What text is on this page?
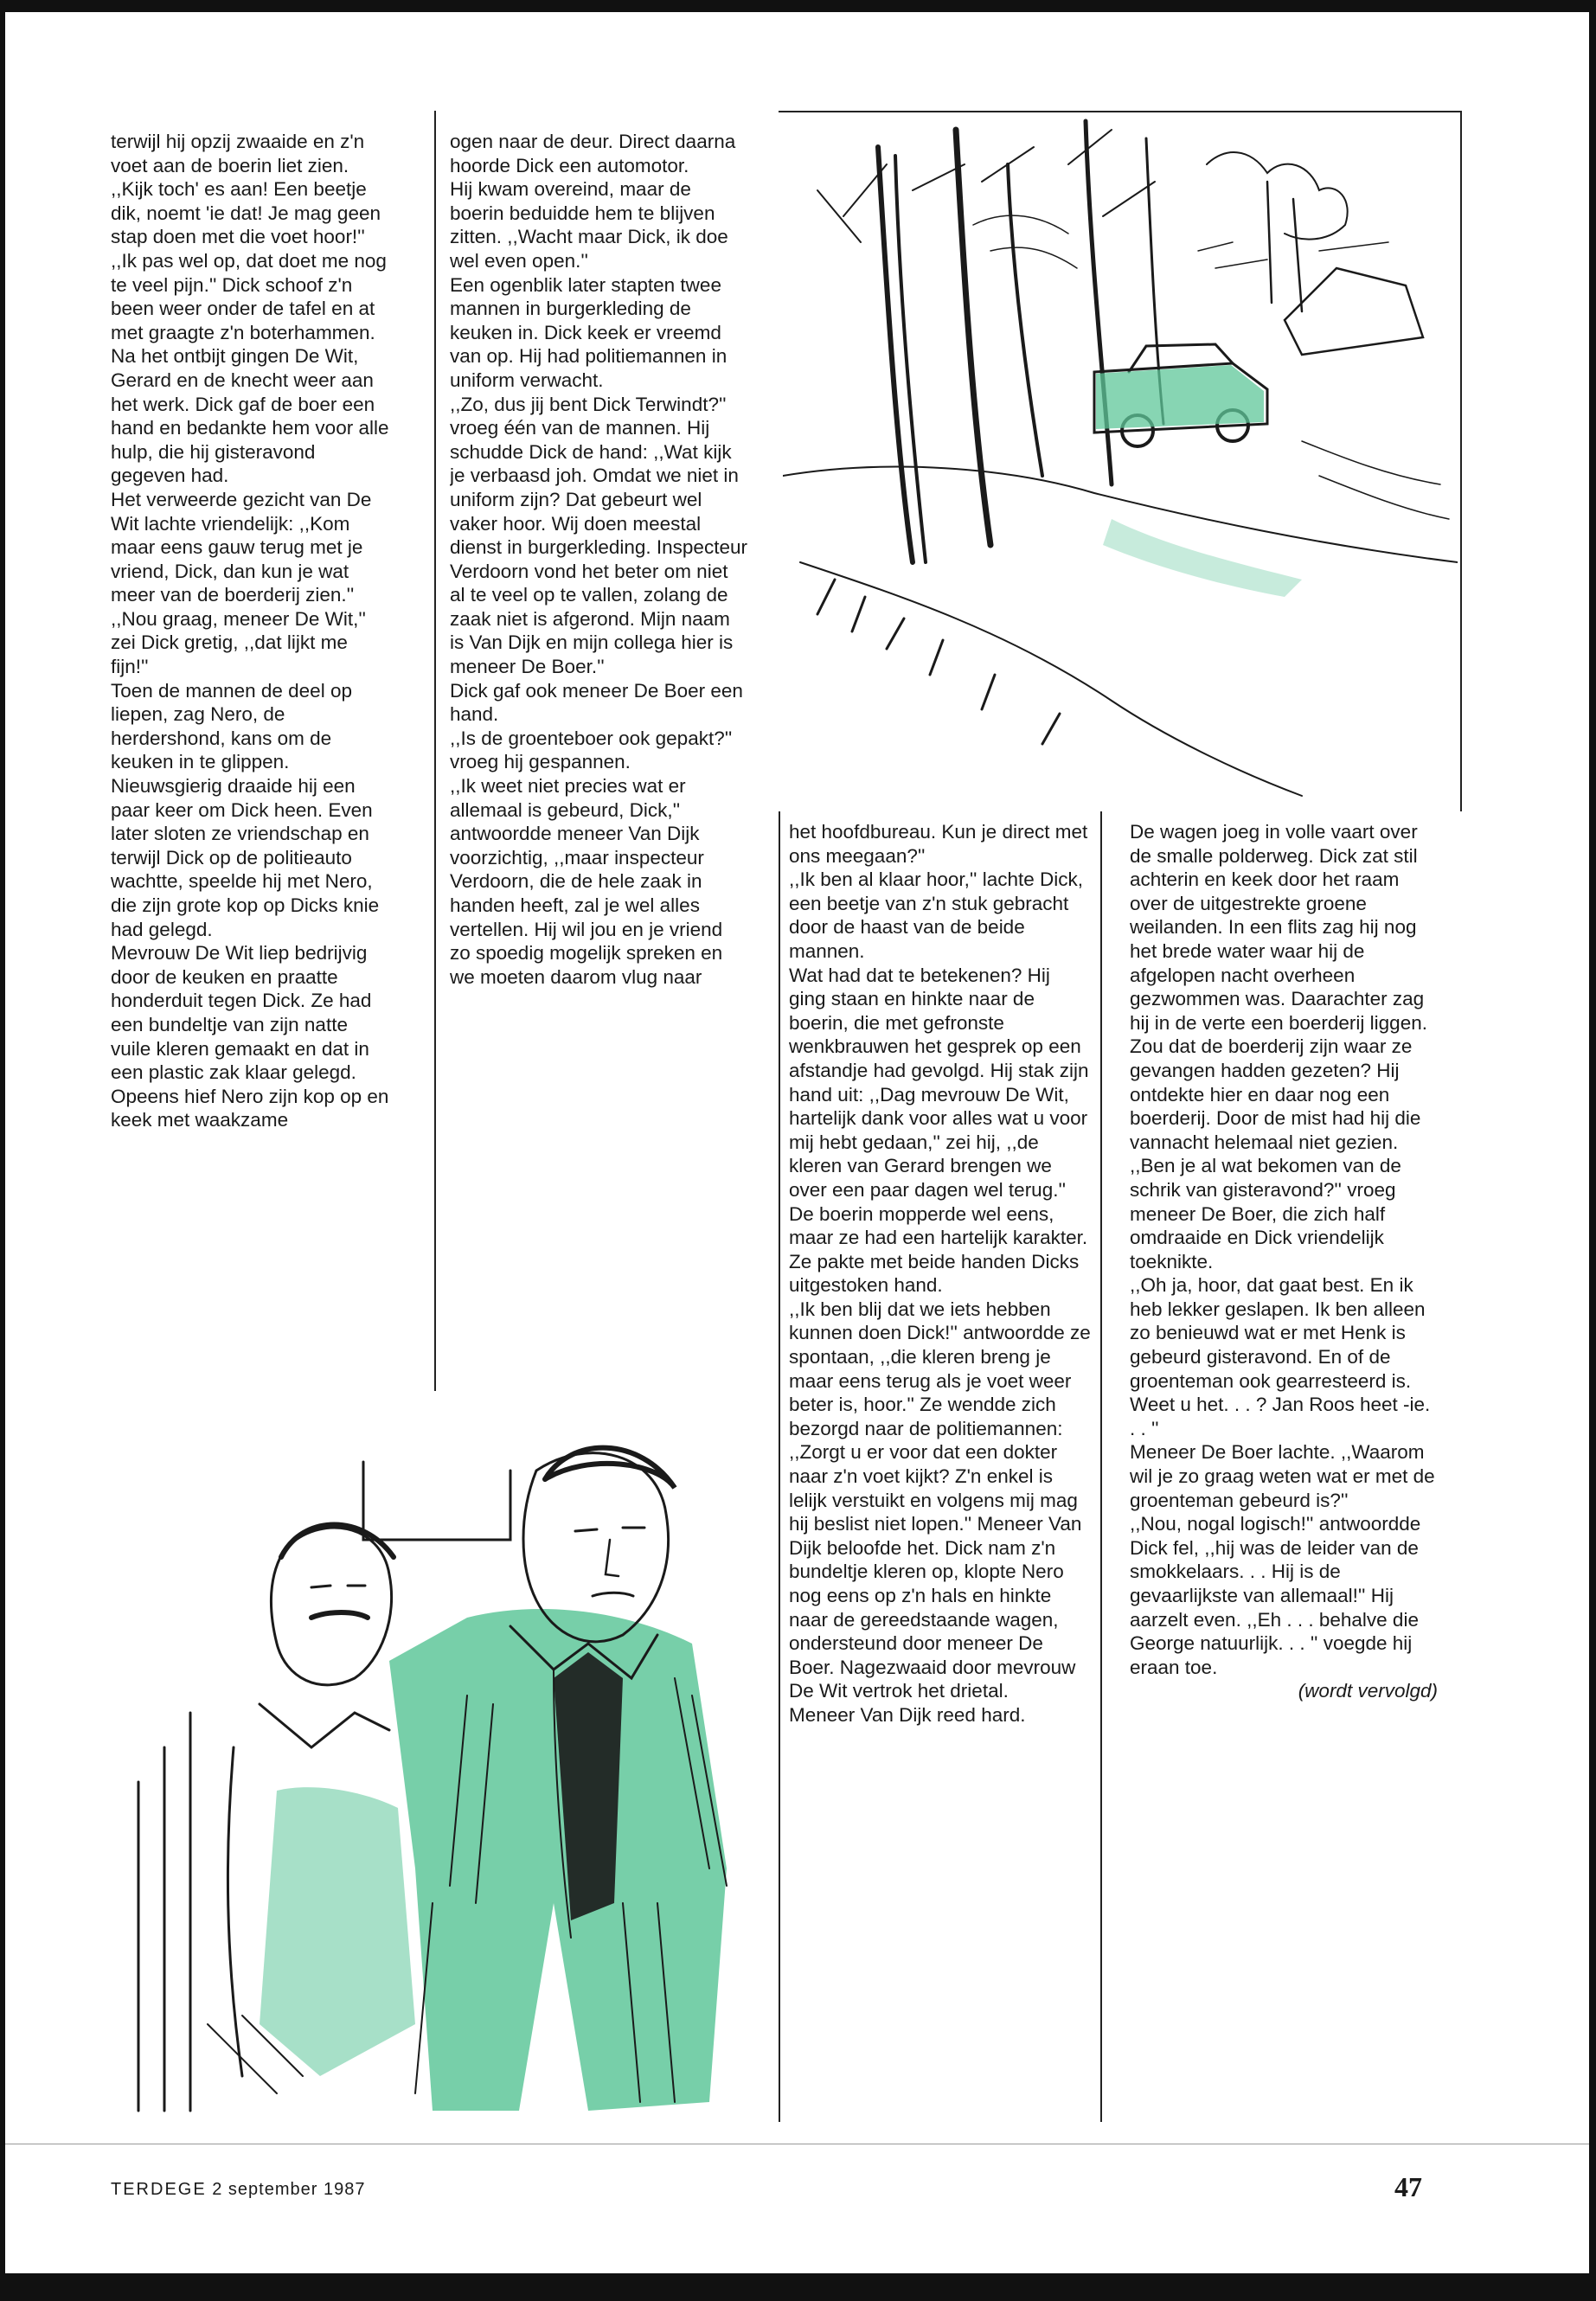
terwijl hij opzij zwaaide en z'n voet aan de boerin liet zien.

,,Kijk toch' es aan! Een beetje dik, noemt 'ie dat! Je mag geen stap doen met die voet hoor!''

,,Ik pas wel op, dat doet me nog te veel pijn.'' Dick schoof z'n been weer onder de tafel en at met graagte z'n boterhammen.

Na het ontbijt gingen De Wit, Gerard en de knecht weer aan het werk. Dick gaf de boer een hand en bedankte hem voor alle hulp, die hij gisteravond gegeven had.

Het verweerde gezicht van De Wit lachte vriendelijk: ,,Kom maar eens gauw terug met je vriend, Dick, dan kun je wat meer van de boerderij zien.''

,,Nou graag, meneer De Wit,'' zei Dick gretig, ,,dat lijkt me fijn!''

Toen de mannen de deel op liepen, zag Nero, de herdershond, kans om de keuken in te glippen. Nieuwsgierig draaide hij een paar keer om Dick heen. Even later sloten ze vriendschap en terwijl Dick op de politieauto wachtte, speelde hij met Nero, die zijn grote kop op Dicks knie had gelegd.

Mevrouw De Wit liep bedrijvig door de keuken en praatte honderduit tegen Dick. Ze had een bundeltje van zijn natte vuile kleren gemaakt en dat in een plastic zak klaar gelegd.

Opeens hief Nero zijn kop op en keek met waakzame

ogen naar de deur. Direct daarna hoorde Dick een automotor.

Hij kwam overeind, maar de boerin beduidde hem te blijven zitten. ,,Wacht maar Dick, ik doe wel even open.''

Een ogenblik later stapten twee mannen in burgerkleding de keuken in. Dick keek er vreemd van op. Hij had politiemannen in uniform verwacht.

,,Zo, dus jij bent Dick Terwindt?'' vroeg één van de mannen. Hij schudde Dick de hand: ,,Wat kijk je verbaasd joh. Omdat we niet in uniform zijn? Dat gebeurt wel vaker hoor. Wij doen meestal dienst in burgerkleding. Inspecteur Verdoorn vond het beter om niet al te veel op te vallen, zolang de zaak niet is afgerond. Mijn naam is Van Dijk en mijn collega hier is meneer De Boer.''

Dick gaf ook meneer De Boer een hand.

,,Is de groenteboer ook gepakt?'' vroeg hij gespannen.

,,Ik weet niet precies wat er allemaal is gebeurd, Dick,'' antwoordde meneer Van Dijk voorzichtig, ,,maar inspecteur Verdoorn, die de hele zaak in handen heeft, zal je wel alles vertellen. Hij wil jou en je vriend zo spoedig mogelijk spreken en we moeten daarom vlug naar

het hoofdbureau. Kun je direct met ons meegaan?''

,,Ik ben al klaar hoor,'' lachte Dick, een beetje van z'n stuk gebracht door de haast van de beide mannen.

Wat had dat te betekenen? Hij ging staan en hinkte naar de boerin, die met gefronste wenkbrauwen het gesprek op een afstandje had gevolgd. Hij stak zijn hand uit: ,,Dag mevrouw De Wit, hartelijk dank voor alles wat u voor mij hebt gedaan,'' zei hij, ,,de kleren van Gerard brengen we over een paar dagen wel terug.''

De boerin mopperde wel eens, maar ze had een hartelijk karakter. Ze pakte met beide handen Dicks uitgestoken hand.

,,Ik ben blij dat we iets hebben kunnen doen Dick!'' antwoordde ze spontaan, ,,die kleren breng je maar eens terug als je voet weer beter is, hoor.'' Ze wendde zich bezorgd naar de politiemannen: ,,Zorgt u er voor dat een dokter naar z'n voet kijkt? Z'n enkel is lelijk verstuikt en volgens mij mag hij beslist niet lopen.'' Meneer Van Dijk beloofde het. Dick nam z'n bundeltje kleren op, klopte Nero nog eens op z'n hals en hinkte naar de gereedstaande wagen, ondersteund door meneer De Boer. Nagezwaaid door mevrouw De Wit vertrok het drietal.

Meneer Van Dijk reed hard.

De wagen joeg in volle vaart over de smalle polderweg. Dick zat stil achterin en keek door het raam over de uitgestrekte groene weilanden. In een flits zag hij nog het brede water waar hij de afgelopen nacht overheen gezwommen was. Daarachter zag hij in de verte een boerderij liggen. Zou dat de boerderij zijn waar ze gevangen hadden gezeten? Hij ontdekte hier en daar nog een boerderij. Door de mist had hij die vannacht helemaal niet gezien.

,,Ben je al wat bekomen van de schrik van gisteravond?'' vroeg meneer De Boer, die zich half omdraaide en Dick vriendelijk toeknikte.

,,Oh ja, hoor, dat gaat best. En ik heb lekker geslapen. Ik ben alleen zo benieuwd wat er met Henk is gebeurd gisteravond. En of de groenteman ook gearresteerd is. Weet u het. . . ? Jan Roos heet -ie. . . ''

Meneer De Boer lachte. ,,Waarom wil je zo graag weten wat er met de groenteman gebeurd is?''

,,Nou, nogal logisch!'' antwoordde Dick fel, ,,hij was de leider van de smokkelaars. . . Hij is de gevaarlijkste van allemaal!'' Hij aarzelt even. ,,Eh . . . behalve die George natuurlijk. . . '' voegde hij eraan toe.

(wordt vervolgd)

TERDEGE 2 september 1987	47
